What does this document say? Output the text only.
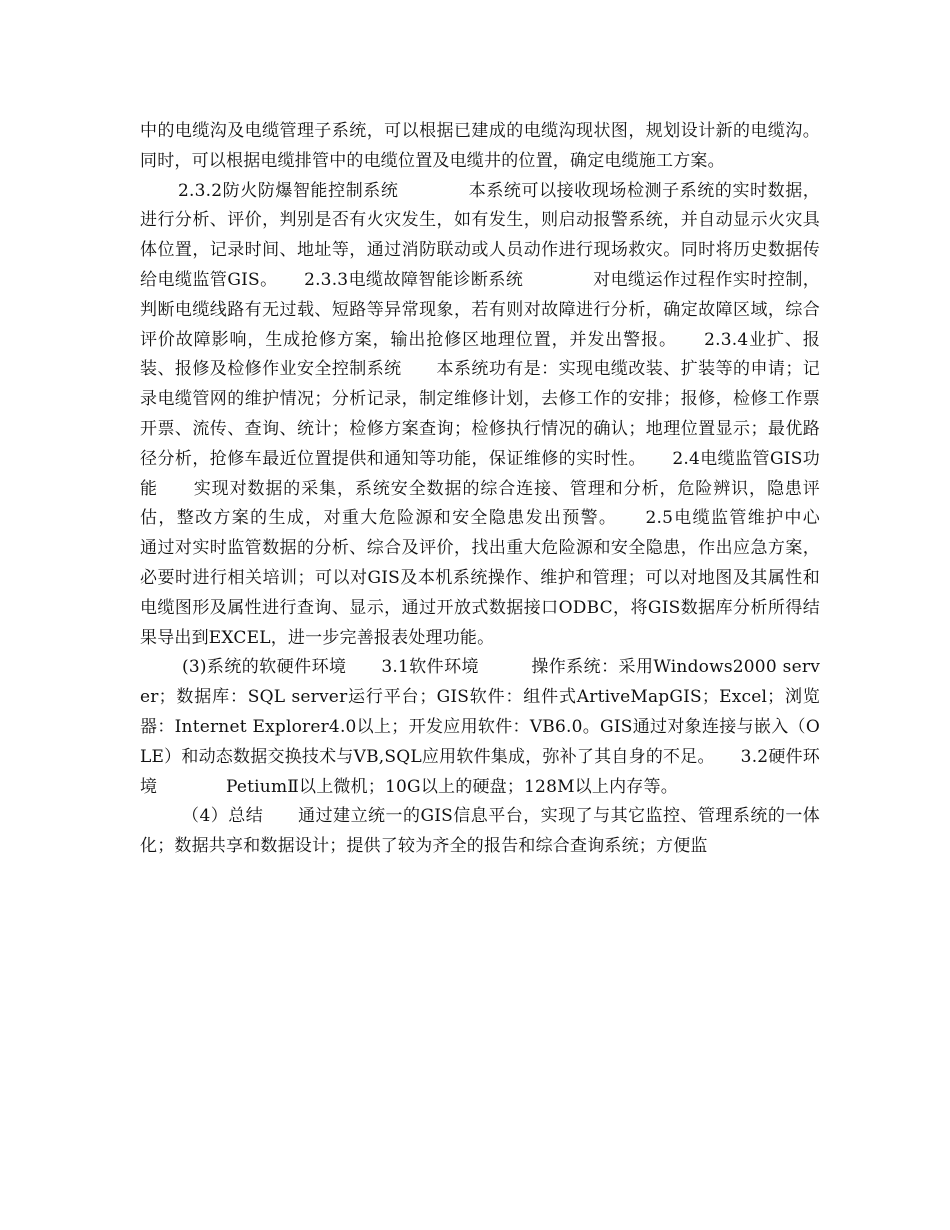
中的电缆沟及电缆管理子系统，可以根据已建成的电缆沟现状图，规划设计新的电缆沟。同时，可以根据电缆排管中的电缆位置及电缆井的位置，确定电缆施工方案。

2.3.2防火防爆智能控制系统　　　　本系统可以接收现场检测子系统的实时数据，进行分析、评价，判别是否有火灾发生，如有发生，则启动报警系统，并自动显示火灾具体位置，记录时间、地址等，通过消防联动或人员动作进行现场救灾。同时将历史数据传给电缆监管GIS。　　2.3.3电缆故障智能诊断系统　　　　对电缆运作过程作实时控制，判断电缆线路有无过载、短路等异常现象，若有则对故障进行分析，确定故障区域，综合评价故障影响，生成抢修方案，输出抢修区地理位置，并发出警报。　　2.3.4业扩、报装、报修及检修作业安全控制系统　　本系统功有是：实现电缆改装、扩装等的申请；记录电缆管网的维护情况；分析记录，制定维修计划，去修工作的安排；报修，检修工作票开票、流传、查询、统计；检修方案查询；检修执行情况的确认；地理位置显示；最优路径分析，抢修车最近位置提供和通知等功能，保证维修的实时性。　　2.4电缆监管GIS功能　　实现对数据的采集，系统安全数据的综合连接、管理和分析，危险辨识，隐患评估，整改方案的生成，对重大危险源和安全隐患发出预警。　　2.5电缆监管维护中心　　通过对实时监管数据的分析、综合及评价，找出重大危险源和安全隐患，作出应急方案，必要时进行相关培训；可以对GIS及本机系统操作、维护和管理；可以对地图及其属性和电缆图形及属性进行查询、显示，通过开放式数据接口ODBC，将GIS数据库分析所得结果导出到EXCEL，进一步完善报表处理功能。

(3)系统的软硬件环境　　3.1软件环境　　　操作系统：采用Windows2000 server；数据库：SQL server运行平台；GIS软件：组件式ArtiveMapGIS；Excel；浏览器：Internet Explorer4.0以上；开发应用软件：VB6.0。GIS通过对象连接与嵌入（OLE）和动态数据交换技术与VB,SQL应用软件集成，弥补了其自身的不足。　　3.2硬件环境　　　　PetiumⅡ以上微机；10G以上的硬盘；128M以上内存等。

（4）总结　　通过建立统一的GIS信息平台，实现了与其它监控、管理系统的一体化；数据共享和数据设计；提供了较为齐全的报告和综合查询系统；方便监
